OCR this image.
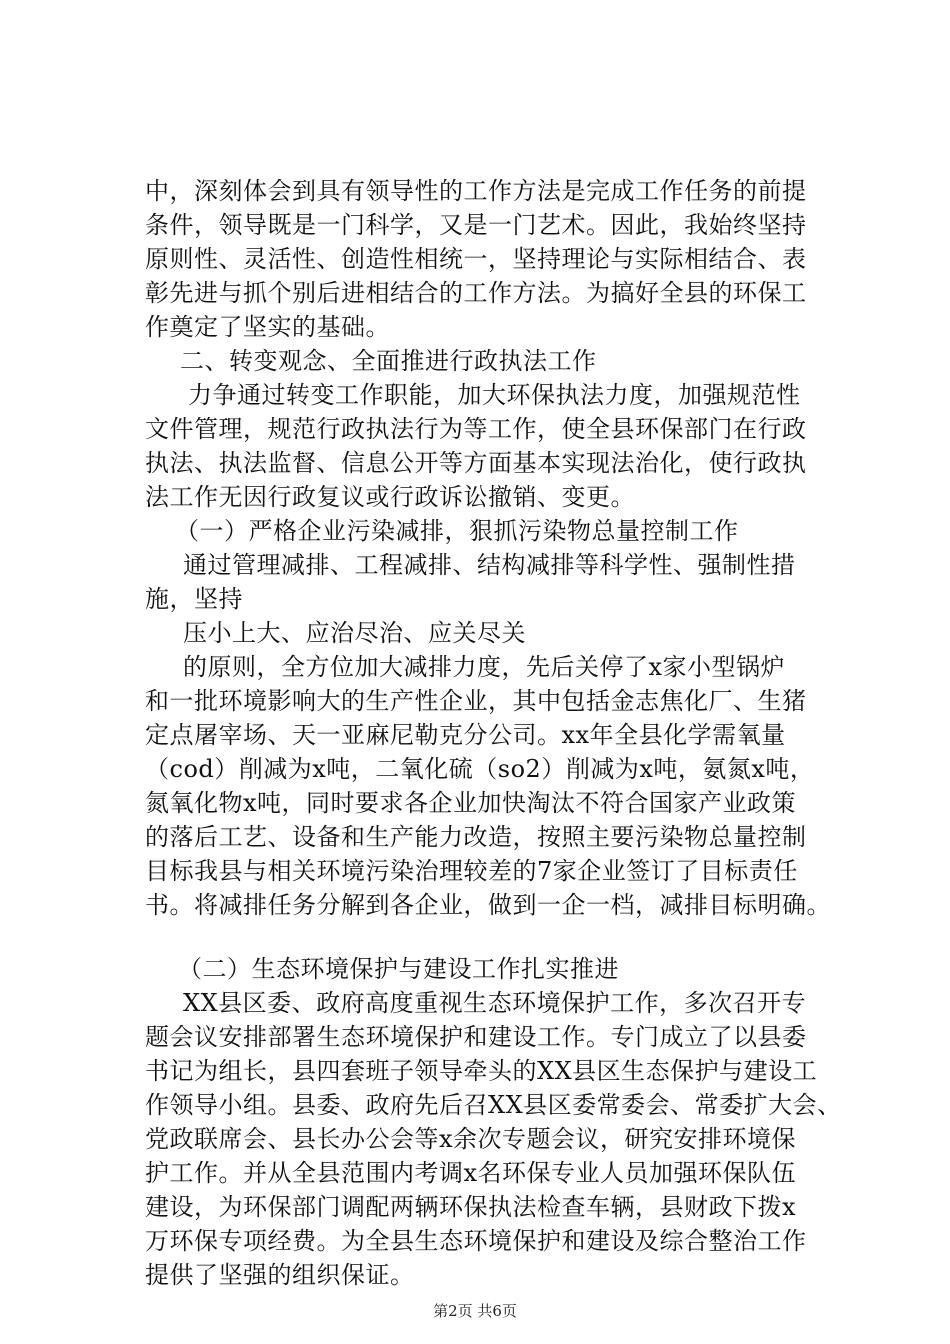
中，深刻体会到具有领导性的工作方法是完成工作任务的前提
条件，领导既是一门科学，又是一门艺术。因此，我始终坚持
原则性、灵活性、创造性相统一，坚持理论与实际相结合、表
彰先进与抓个别后进相结合的工作方法。为搞好全县的环保工
作奠定了坚实的基础。
二、转变观念、全面推进行政执法工作
力争通过转变工作职能，加大环保执法力度，加强规范性
文件管理，规范行政执法行为等工作，使全县环保部门在行政
执法、执法监督、信息公开等方面基本实现法治化，使行政执
法工作无因行政复议或行政诉讼撤销、变更。
（一）严格企业污染减排，狠抓污染物总量控制工作
通过管理减排、工程减排、结构减排等科学性、强制性措
施，坚持
压小上大、应治尽治、应关尽关
的原则，全方位加大减排力度，先后关停了x家小型锅炉
和一批环境影响大的生产性企业，其中包括金志焦化厂、生猪
定点屠宰场、天一亚麻尼勒克分公司。xx年全县化学需氧量
（cod）削减为x吨，二氧化硫（so2）削减为x吨，氨氮x吨，
氮氧化物x吨，同时要求各企业加快淘汰不符合国家产业政策
的落后工艺、设备和生产能力改造，按照主要污染物总量控制
目标我县与相关环境污染治理较差的7家企业签订了目标责任
书。将减排任务分解到各企业，做到一企一档，减排目标明确。
（二）生态环境保护与建设工作扎实推进
XX县区委、政府高度重视生态环境保护工作，多次召开专
题会议安排部署生态环境保护和建设工作。专门成立了以县委
书记为组长，县四套班子领导牵头的XX县区生态保护与建设工
作领导小组。县委、政府先后召XX县区委常委会、常委扩大会、
党政联席会、县长办公会等x余次专题会议，研究安排环境保
护工作。并从全县范围内考调x名环保专业人员加强环保队伍
建设，为环保部门调配两辆环保执法检查车辆，县财政下拨x
万环保专项经费。为全县生态环境保护和建设及综合整治工作
提供了坚强的组织保证。
第2页 共6页
